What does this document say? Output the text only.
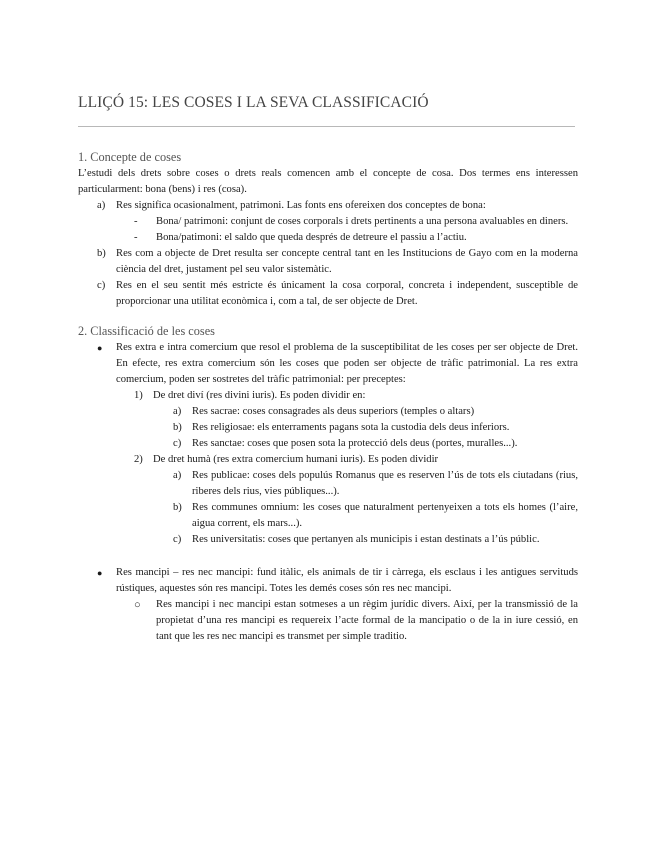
LLIÇÓ 15: LES COSES I LA SEVA CLASSIFICACIÓ
1. Concepte de coses

L’estudi dels drets sobre coses o drets reals comencen amb el concepte de cosa. Dos termes ens interessen particularment: bona (bens) i res (cosa).

a)	Res significa ocasionalment, patrimoni. Las fonts ens ofereixen dos conceptes de bona:
-	Bona/ patrimoni: conjunt de coses corporals i drets pertinents a una persona avaluables en diners.
-	Bona/patimoni: el saldo que queda després de detreure el passiu a l’actiu.
b) Res com a objecte de Dret resulta ser concepte central tant en les Institucions de Gayo com en la moderna ciència del dret, justament pel seu valor sistemàtic.
c)	Res en el seu sentit més estricte és únicament la cosa corporal, concreta i independent, susceptible de proporcionar una utilitat econòmica i, com a tal, de ser objecte de Dret.
2. Classificació de les coses
●	Res extra e intra comercium que resol el problema de la susceptibilitat de les coses per ser objecte de Dret. En efecte, res extra comercium són les coses que poden ser objecte de tràfic patrimonial. La res extra comercium, poden ser sostretes del tràfic patrimonial: per preceptes:
1) De dret diví (res divini iuris). Es poden dividir en:
a)	Res sacrae: coses consagrades als deus superiors (temples o altars)
b) Res religiosae: els enterraments pagans sota la custodia dels deus inferiors.
c)	Res sanctae: coses que posen sota la protecció dels deus (portes, muralles...).
2) De dret humà (res extra comercium humani iuris). Es poden dividir
a)	Res publicae: coses dels populús Romanus que es reserven l’ús de tots els ciutadans (rius, riberes dels rius, vies públiques...).
b) Res communes omnium: les coses que naturalment pertenyeixen a tots els homes (l’aire, aigua corrent, els mars...).
c)	Res universitatis: coses que pertanyen als municipis i estan destinats a l’ús públic.
●	Res mancipi – res nec mancipi: fund itàlic, els animals de tir i càrrega, els esclaus i les antigues servituds rústiques, aquestes són res mancipi. Totes les demés coses són res nec mancipi.
○	Res mancipi i nec mancipi estan sotmeses a un règim jurídic divers. Així, per la transmissió de la propietat d’una res mancipi es requereix l’acte formal de la mancipatio o de la in iure cessió, en tant que les res nec mancipi es transmet per simple traditio.
